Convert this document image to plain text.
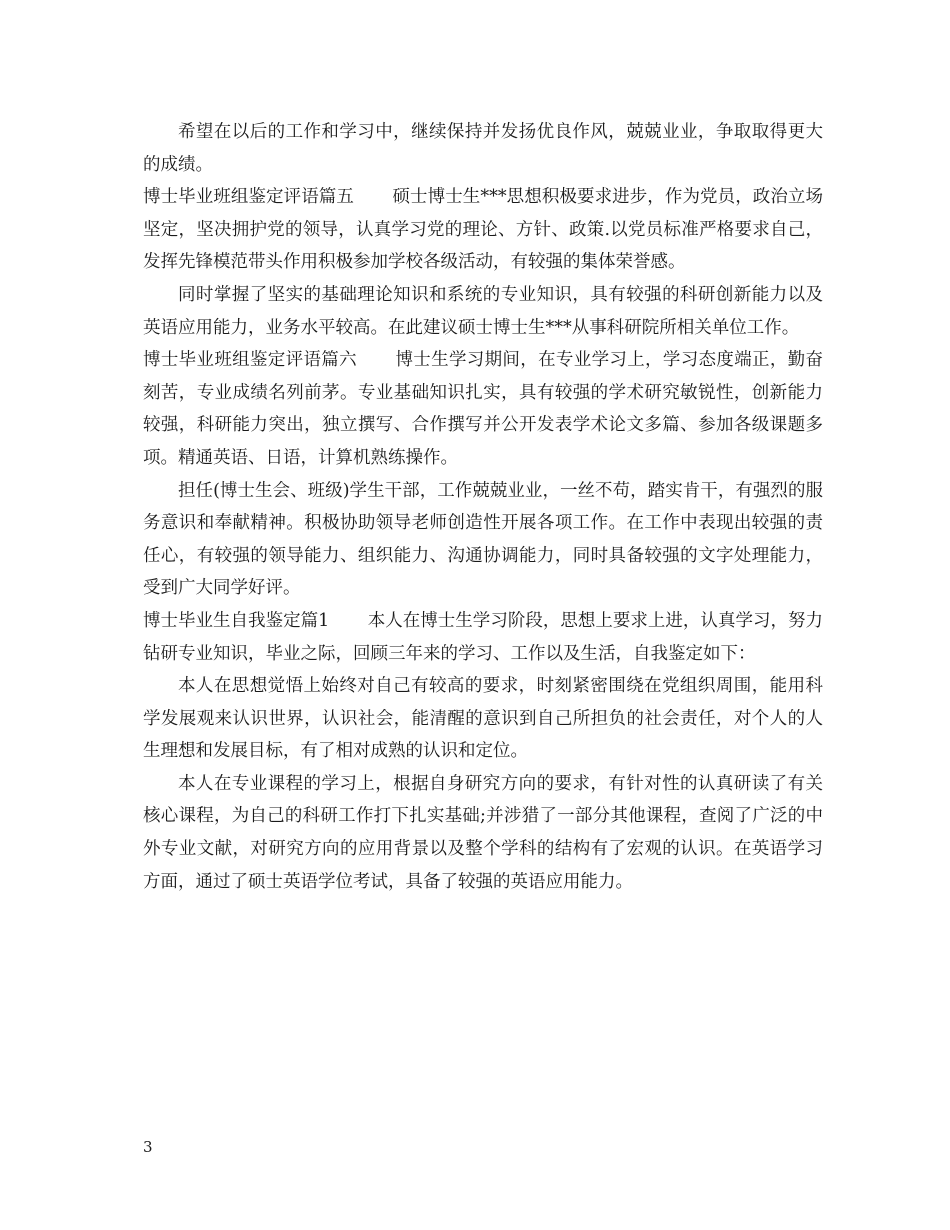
希望在以后的工作和学习中，继续保持并发扬优良作风，兢兢业业，争取取得更大的成绩。

博士毕业班组鉴定评语篇五 硕士博士生***思想积极要求进步，作为党员，政治立场坚定，坚决拥护党的领导，认真学习党的理论、方针、政策.以党员标准严格要求自己，发挥先锋模范带头作用积极参加学校各级活动，有较强的集体荣誉感。

同时掌握了坚实的基础理论知识和系统的专业知识，具有较强的科研创新能力以及英语应用能力，业务水平较高。在此建议硕士博士生***从事科研院所相关单位工作。

博士毕业班组鉴定评语篇六 博士生学习期间，在专业学习上，学习态度端正，勤奋刻苦，专业成绩名列前茅。专业基础知识扎实，具有较强的学术研究敏锐性，创新能力较强，科研能力突出，独立撰写、合作撰写并公开发表学术论文多篇、参加各级课题多项。精通英语、日语，计算机熟练操作。

担任(博士生会、班级)学生干部，工作兢兢业业，一丝不苟，踏实肯干，有强烈的服务意识和奉献精神。积极协助领导老师创造性开展各项工作。在工作中表现出较强的责任心，有较强的领导能力、组织能力、沟通协调能力，同时具备较强的文字处理能力，受到广大同学好评。

博士毕业生自我鉴定篇1 本人在博士生学习阶段，思想上要求上进，认真学习，努力钻研专业知识，毕业之际，回顾三年来的学习、工作以及生活，自我鉴定如下：

本人在思想觉悟上始终对自己有较高的要求，时刻紧密围绕在党组织周围，能用科学发展观来认识世界，认识社会，能清醒的意识到自己所担负的社会责任，对个人的人生理想和发展目标，有了相对成熟的认识和定位。

本人在专业课程的学习上，根据自身研究方向的要求，有针对性的认真研读了有关核心课程，为自己的科研工作打下扎实基础;并涉猎了一部分其他课程，查阅了广泛的中外专业文献，对研究方向的应用背景以及整个学科的结构有了宏观的认识。在英语学习方面，通过了硕士英语学位考试，具备了较强的英语应用能力。

3
